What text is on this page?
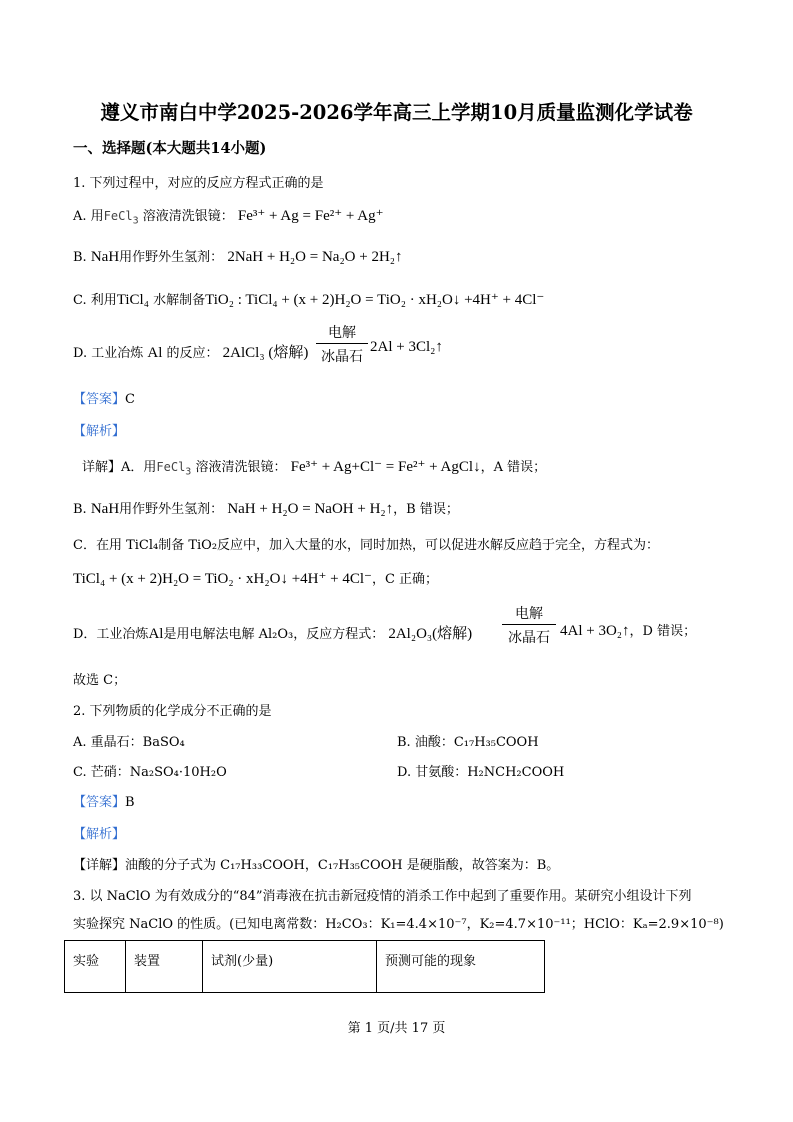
遵义市南白中学2025-2026学年高三上学期10月质量监测化学试卷
一、选择题(本大题共14小题)
1. 下列过程中，对应的反应方程式正确的是
A. 用FeCl$_3$ 溶液清洗银镜： Fe³⁺ + Ag = Fe²⁺ + Ag⁺
B. NaH用作野外生氢剂： 2NaH + H₂O = Na₂O + 2H₂↑
C. 利用TiCl₄ 水解制备TiO₂ : TiCl₄ + (x + 2)H₂O = TiO₂ · xH₂O↓ +4H⁺ + 4Cl⁻
D. 工业冶炼 Al 的反应： 2AlCl₃ (熔解)
电解
冰晶石
2Al + 3Cl₂↑
【答案】C
【解析】
详解】A．用FeCl$_3$ 溶液清洗银镜： Fe³⁺ + Ag+Cl⁻ = Fe²⁺ + AgCl↓，A 错误；
B. NaH用作野外生氢剂： NaH + H₂O = NaOH + H₂↑，B 错误；
C．在用 TiCl₄制备 TiO₂反应中，加入大量的水，同时加热，可以促进水解反应趋于完全，方程式为：
TiCl₄ + (x + 2)H₂O = TiO₂ · xH₂O↓ +4H⁺ + 4Cl⁻，C 正确；
D．工业冶炼Al是用电解法电解 Al₂O₃，反应方程式： 2Al₂O₃(熔解)
电解
冰晶石 4Al + 3O₂↑，D 错误；
故选 C；
2. 下列物质的化学成分不正确的是
A. 重晶石：BaSO₄	B. 油酸：C₁₇H₃₅COOH
C. 芒硝：Na₂SO₄·10H₂O	D. 甘氨酸：H₂NCH₂COOH
【答案】B
【解析】
【详解】油酸的分子式为 C₁₇H₃₃COOH，C₁₇H₃₅COOH 是硬脂酸，故答案为：B。
3. 以 NaClO 为有效成分的“84”消毒液在抗击新冠疫情的消杀工作中起到了重要作用。某研究小组设计下列
实验探究 NaClO 的性质。(已知电离常数：H₂CO₃：K₁=4.4×10⁻⁷，K₂=4.7×10⁻¹¹；HClO：Kₐ=2.9×10⁻⁸)
实验	装置	试剂(少量)	预测可能的现象
第 1 页/共 17 页
